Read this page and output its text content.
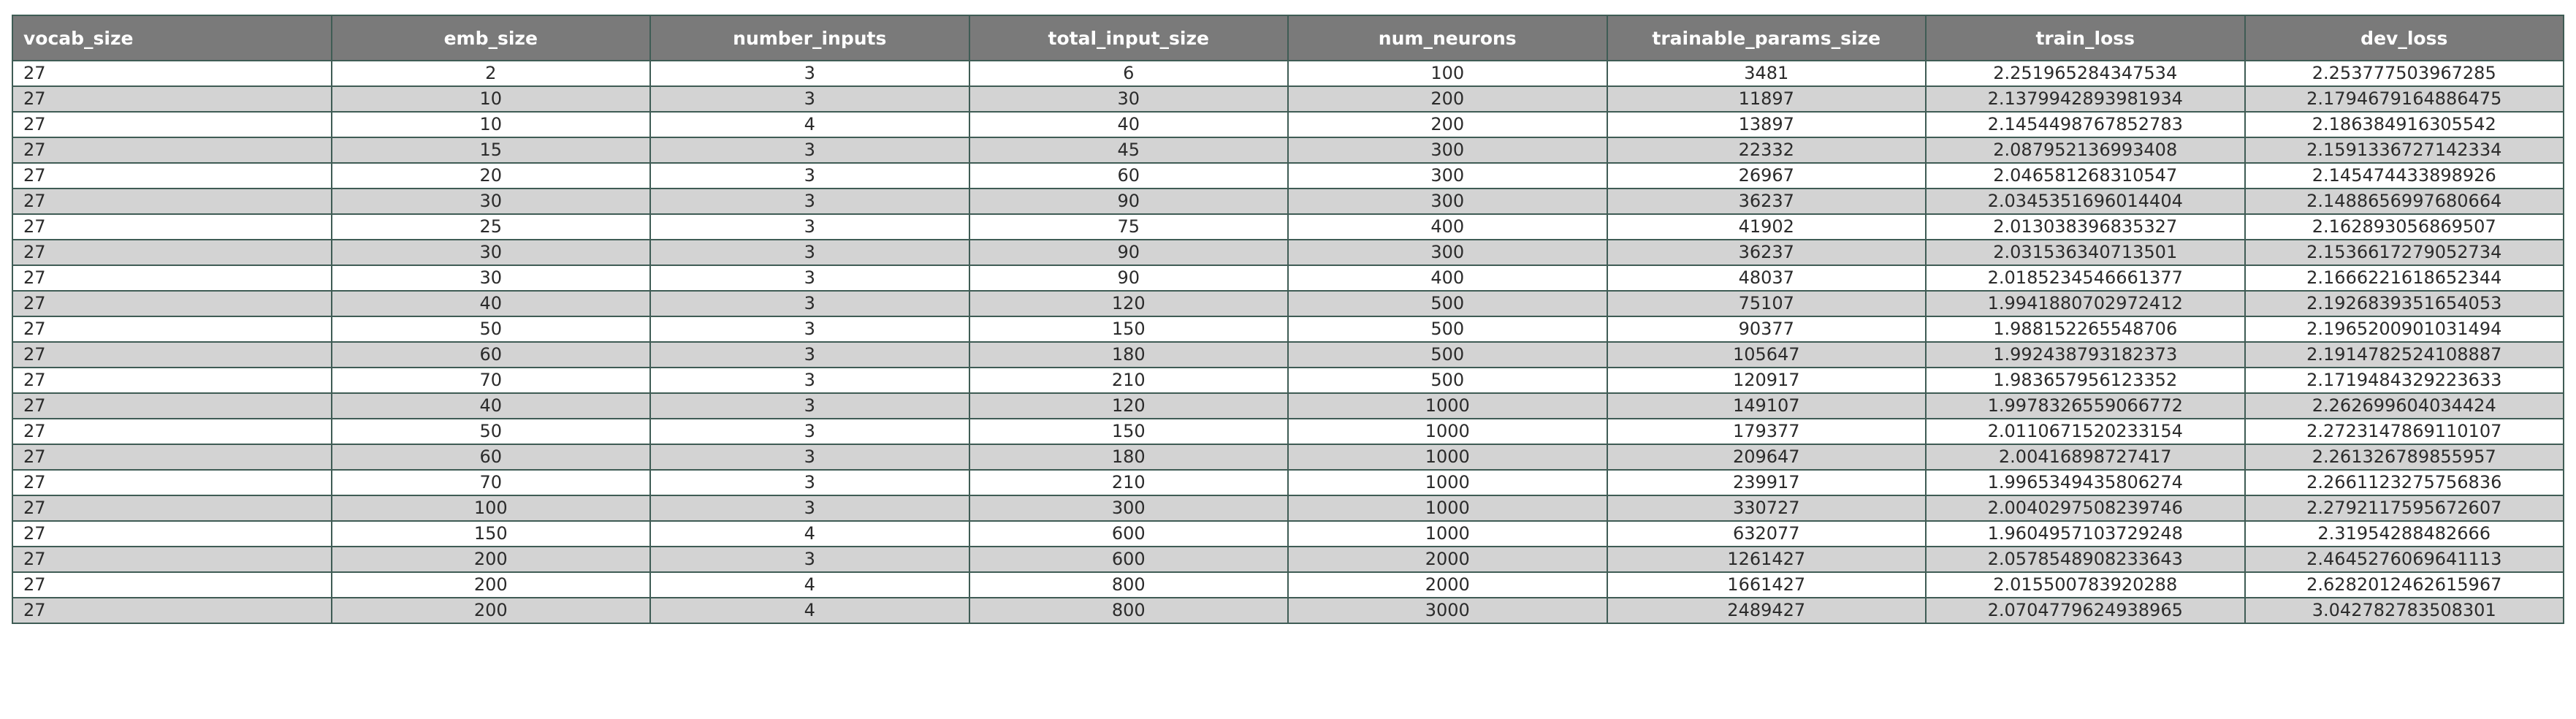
vocab_size	emb_size	number_inputs	total_input_size	num_neurons	trainable_params_size	train_loss	dev_loss
27	2	3	6	100	3481	2.251965284347534	2.253777503967285
27	10	3	30	200	11897	2.1379942893981934	2.1794679164886475
27	10	4	40	200	13897	2.1454498767852783	2.186384916305542
27	15	3	45	300	22332	2.087952136993408	2.1591336727142334
27	20	3	60	300	26967	2.046581268310547	2.145474433898926
27	30	3	90	300	36237	2.0345351696014404	2.1488656997680664
27	25	3	75	400	41902	2.013038396835327	2.162893056869507
27	30	3	90	300	36237	2.031536340713501	2.1536617279052734
27	30	3	90	400	48037	2.0185234546661377	2.1666221618652344
27	40	3	120	500	75107	1.9941880702972412	2.1926839351654053
27	50	3	150	500	90377	1.988152265548706	2.1965200901031494
27	60	3	180	500	105647	1.992438793182373	2.1914782524108887
27	70	3	210	500	120917	1.983657956123352	2.1719484329223633
27	40	3	120	1000	149107	1.9978326559066772	2.262699604034424
27	50	3	150	1000	179377	2.0110671520233154	2.2723147869110107
27	60	3	180	1000	209647	2.00416898727417	2.261326789855957
27	70	3	210	1000	239917	1.9965349435806274	2.2661123275756836
27	100	3	300	1000	330727	2.0040297508239746	2.2792117595672607
27	150	4	600	1000	632077	1.9604957103729248	2.31954288482666
27	200	3	600	2000	1261427	2.0578548908233643	2.4645276069641113
27	200	4	800	2000	1661427	2.015500783920288	2.6282012462615967
27	200	4	800	3000	2489427	2.0704779624938965	3.042782783508301
